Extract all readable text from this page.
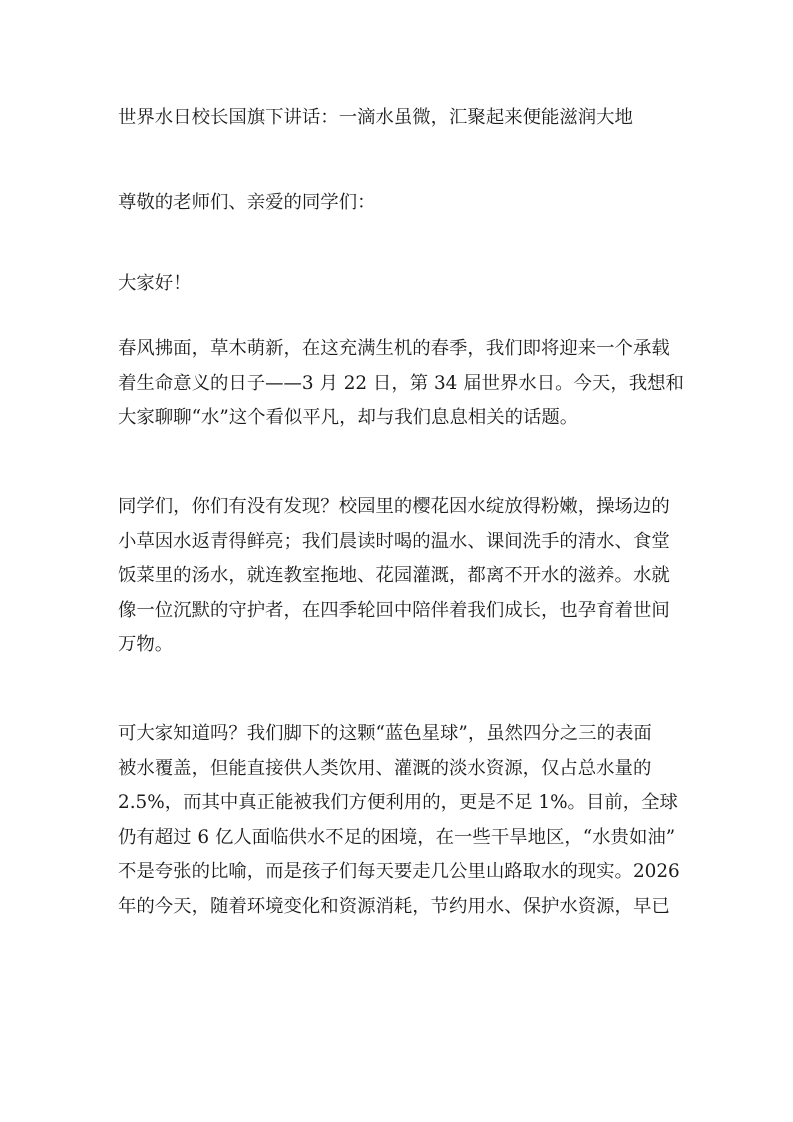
世界水日校长国旗下讲话：一滴水虽微，汇聚起来便能滋润大地
尊敬的老师们、亲爱的同学们：
大家好！
春风拂面，草木萌新，在这充满生机的春季，我们即将迎来一个承载
着生命意义的日子——3 月 22 日，第 34 届世界水日。今天，我想和
大家聊聊“水”这个看似平凡，却与我们息息相关的话题。
同学们，你们有没有发现？校园里的樱花因水绽放得粉嫩，操场边的
小草因水返青得鲜亮；我们晨读时喝的温水、课间洗手的清水、食堂
饭菜里的汤水，就连教室拖地、花园灌溉，都离不开水的滋养。水就
像一位沉默的守护者，在四季轮回中陪伴着我们成长，也孕育着世间
万物。
可大家知道吗？我们脚下的这颗“蓝色星球”，虽然四分之三的表面
被水覆盖，但能直接供人类饮用、灌溉的淡水资源，仅占总水量的
2.5%，而其中真正能被我们方便利用的，更是不足 1%。目前，全球
仍有超过 6 亿人面临供水不足的困境，在一些干旱地区，“水贵如油”
不是夸张的比喻，而是孩子们每天要走几公里山路取水的现实。2026
年的今天，随着环境变化和资源消耗，节约用水、保护水资源，早已
